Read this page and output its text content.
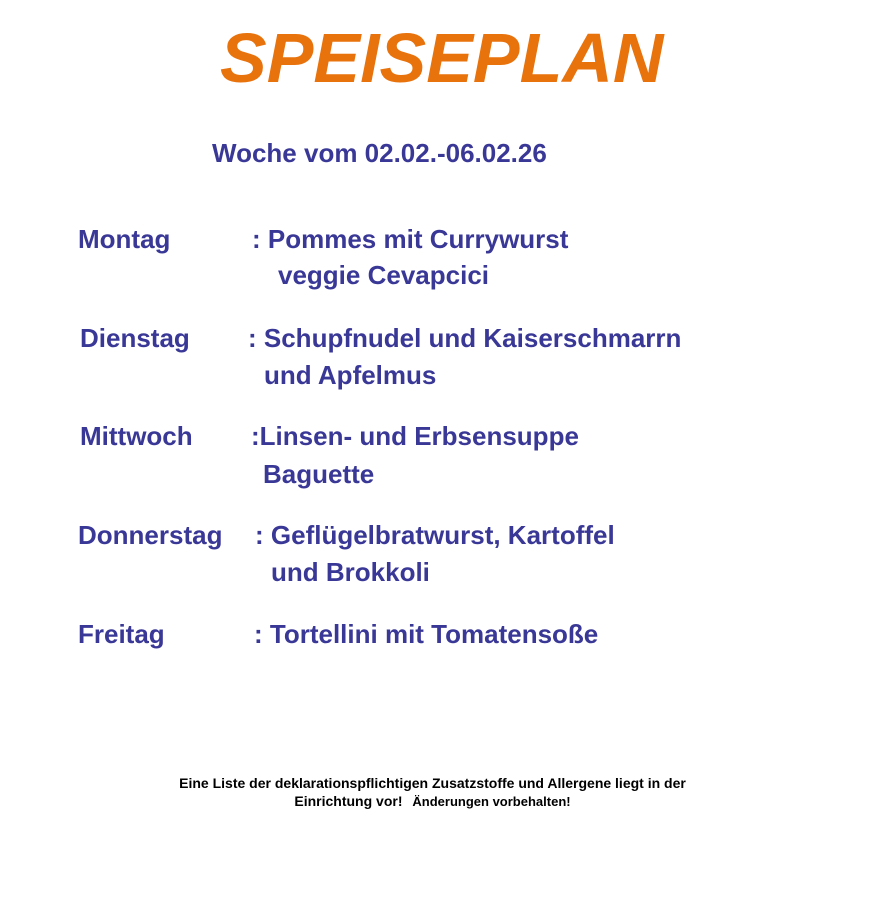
SPEISEPLAN
Woche vom 02.02.-06.02.26
Montag	: Pommes mit Currywurst
veggie Cevapcici
Dienstag : Schupfnudel und Kaiserschmarrn
und Apfelmus
Mittwoch :Linsen- und Erbsensuppe
Baguette
Donnerstag : Geflügelbratwurst, Kartoffel
und Brokkoli
Freitag	: Tortellini mit Tomatensoße
Eine Liste der deklarationspflichtigen Zusatzstoffe und Allergene liegt in der
Einrichtung vor! Änderungen vorbehalten!
